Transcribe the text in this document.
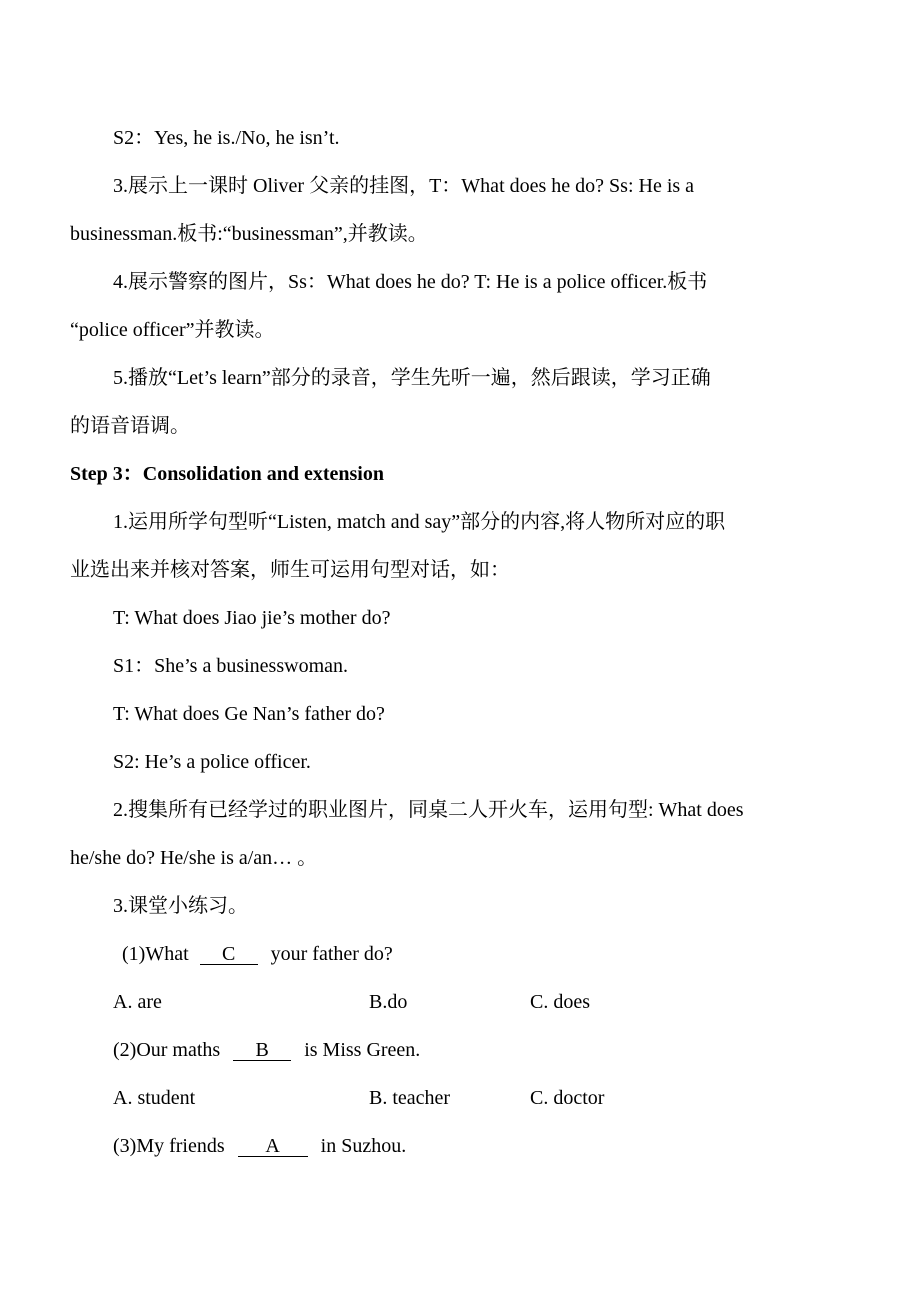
S2：Yes, he is./No, he isn’t.
3.展示上一课时 Oliver 父亲的挂图，T：What does he do? Ss: He is a
businessman.板书:“businessman”,并教读。
4.展示警察的图片，Ss：What does he do? T: He is a police officer.板书
“police officer”并教读。
5.播放“Let’s learn”部分的录音，学生先听一遍，然后跟读，学习正确
的语音语调。
Step 3：Consolidation and extension
1.运用所学句型听“Listen, match and say”部分的内容,将人物所对应的职
业选出来并核对答案，师生可运用句型对话，如：
T: What does Jiao jie’s mother do?
S1：She’s a businesswoman.
T: What does Ge Nan’s father do?
S2: He’s a police officer.
2.搜集所有已经学过的职业图片，同桌二人开火车，运用句型: What does
he/she do? He/she is a/an… 。
3.课堂小练习。
(1)What C your father do?
A. are	B.do	C. does
(2)Our maths B is Miss Green.
A. student	B. teacher	C. doctor
(3)My friends A in Suzhou.
